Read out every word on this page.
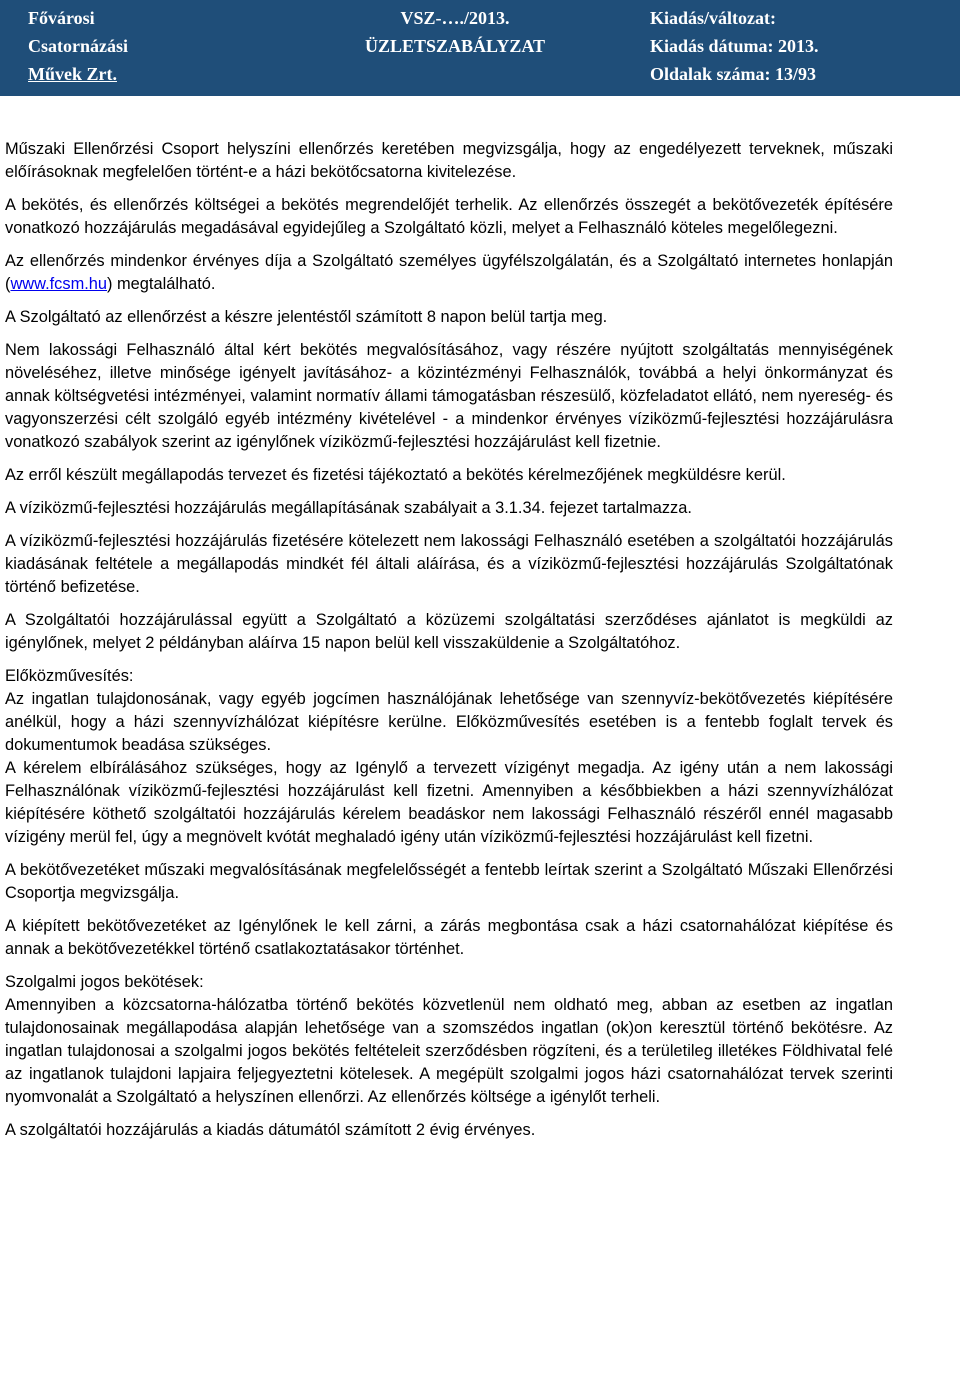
Fővárosi
Csatornázási
Művek Zrt.
VSZ-…./2013.
ÜZLETSZABÁLYZAT
Kiadás/változat:
Kiadás dátuma: 2013.
Oldalak száma: 13/93

Műszaki Ellenőrzési Csoport helyszíni ellenőrzés keretében megvizsgálja, hogy az engedélyezett terveknek, műszaki előírásoknak megfelelően történt-e a házi bekötőcsatorna kivitelezése.

A bekötés, és ellenőrzés költségei a bekötés megrendelőjét terhelik. Az ellenőrzés összegét a bekötővezeték építésére vonatkozó hozzájárulás megadásával egyidejűleg a Szolgáltató közli, melyet a Felhasználó köteles megelőlegezni.

Az ellenőrzés mindenkor érvényes díja a Szolgáltató személyes ügyfélszolgálatán, és a Szolgáltató internetes honlapján (www.fcsm.hu) megtalálható.

A Szolgáltató az ellenőrzést a készre jelentéstől számított 8 napon belül tartja meg.

Nem lakossági Felhasználó által kért bekötés megvalósításához, vagy részére nyújtott szolgáltatás mennyiségének növeléséhez, illetve minősége igényelt javításához- a közintézményi Felhasználók, továbbá a helyi önkormányzat és annak költségvetési intézményei, valamint normatív állami támogatásban részesülő, közfeladatot ellátó, nem nyereség- és vagyonszerzési célt szolgáló egyéb intézmény kivételével - a mindenkor érvényes víziközmű-fejlesztési hozzájárulásra vonatkozó szabályok szerint az igénylőnek víziközmű-fejlesztési hozzájárulást kell fizetnie.

Az erről készült megállapodás tervezet és fizetési tájékoztató a bekötés kérelmezőjének megküldésre kerül.

A víziközmű-fejlesztési hozzájárulás megállapításának szabályait a 3.1.34. fejezet tartalmazza.

A víziközmű-fejlesztési hozzájárulás fizetésére kötelezett nem lakossági Felhasználó esetében a szolgáltatói hozzájárulás kiadásának feltétele a megállapodás mindkét fél általi aláírása, és a víziközmű-fejlesztési hozzájárulás Szolgáltatónak történő befizetése.

A Szolgáltatói hozzájárulással együtt a Szolgáltató a közüzemi szolgáltatási szerződéses ajánlatot is megküldi az igénylőnek, melyet 2 példányban aláírva 15 napon belül kell visszaküldenie a Szolgáltatóhoz.

Előközművesítés:

Az ingatlan tulajdonosának, vagy egyéb jogcímen használójának lehetősége van szennyvíz-bekötővezetés kiépítésére anélkül, hogy a házi szennyvízhálózat kiépítésre kerülne. Előközművesítés esetében is a fentebb foglalt tervek és dokumentumok beadása szükséges.

A kérelem elbírálásához szükséges, hogy az Igénylő a tervezett vízigényt megadja. Az igény után a nem lakossági Felhasználónak víziközmű-fejlesztési hozzájárulást kell fizetni. Amennyiben a későbbiekben a házi szennyvízhálózat kiépítésére köthető szolgáltatói hozzájárulás kérelem beadáskor nem lakossági Felhasználó részéről ennél magasabb vízigény merül fel, úgy a megnövelt kvótát meghaladó igény után víziközmű-fejlesztési hozzájárulást kell fizetni.

A bekötővezetéket műszaki megvalósításának megfelelősségét a fentebb leírtak szerint a Szolgáltató Műszaki Ellenőrzési Csoportja megvizsgálja.

A kiépített bekötővezetéket az Igénylőnek le kell zárni, a zárás megbontása csak a házi csatornahálózat kiépítése és annak a bekötővezetékkel történő csatlakoztatásakor történhet.

Szolgalmi jogos bekötések:

Amennyiben a közcsatorna-hálózatba történő bekötés közvetlenül nem oldható meg, abban az esetben az ingatlan tulajdonosainak megállapodása alapján lehetősége van a szomszédos ingatlan (ok)on keresztül történő bekötésre. Az ingatlan tulajdonosai a szolgalmi jogos bekötés feltételeit szerződésben rögzíteni, és a területileg illetékes Földhivatal felé az ingatlanok tulajdoni lapjaira feljegyeztetni kötelesek. A megépült szolgalmi jogos házi csatornahálózat tervek szerinti nyomvonalát a Szolgáltató a helyszínen ellenőrzi. Az ellenőrzés költsége a igénylőt terheli.

A szolgáltatói hozzájárulás a kiadás dátumától számított 2 évig érvényes.
